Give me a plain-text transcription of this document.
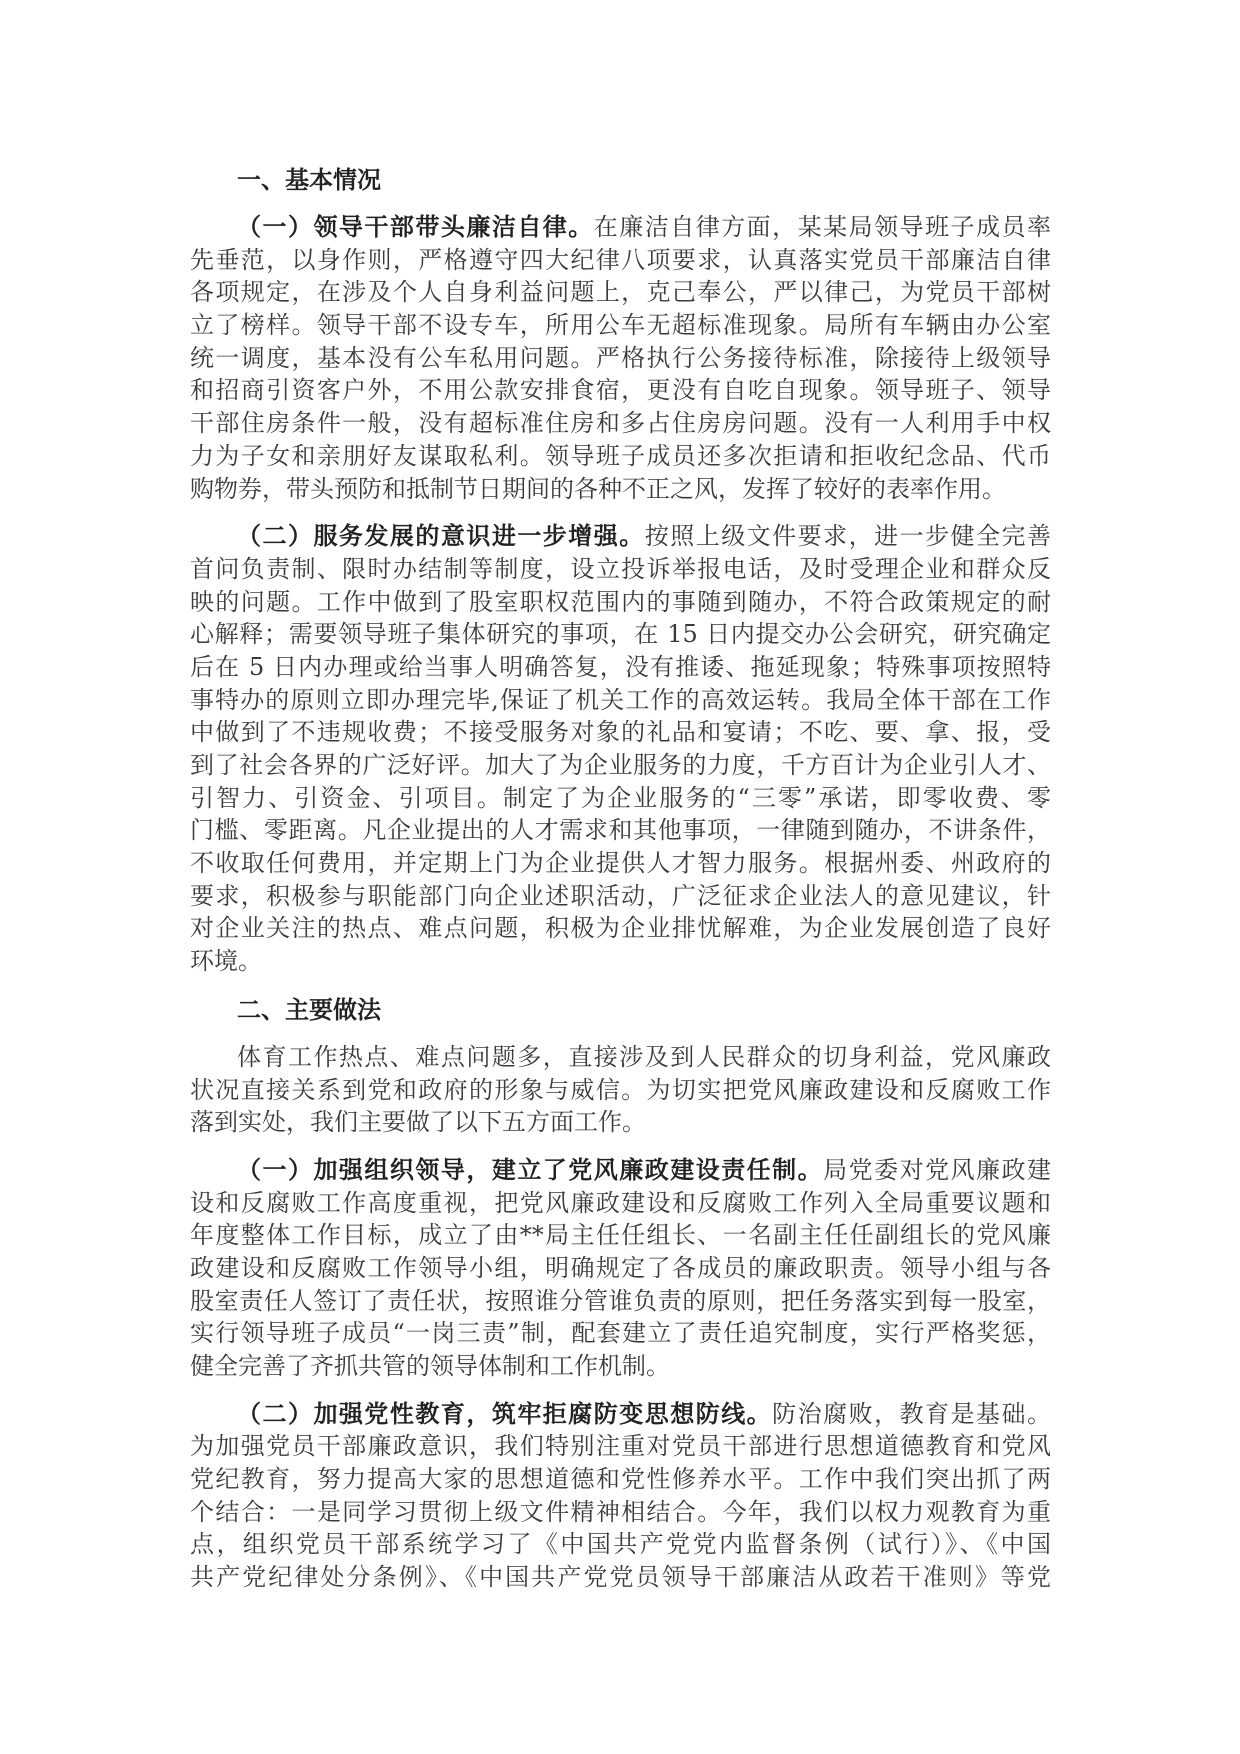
一、基本情况
（一）领导干部带头廉洁自律。在廉洁自律方面，某某局领导班子成员率
先垂范，以身作则，严格遵守四大纪律八项要求，认真落实党员干部廉洁自律
各项规定，在涉及个人自身利益问题上，克己奉公，严以律己，为党员干部树
立了榜样。领导干部不设专车，所用公车无超标准现象。局所有车辆由办公室
统一调度，基本没有公车私用问题。严格执行公务接待标准，除接待上级领导
和招商引资客户外，不用公款安排食宿，更没有自吃自现象。领导班子、领导
干部住房条件一般，没有超标准住房和多占住房房问题。没有一人利用手中权
力为子女和亲朋好友谋取私利。领导班子成员还多次拒请和拒收纪念品、代币
购物券，带头预防和抵制节日期间的各种不正之风，发挥了较好的表率作用。
（二）服务发展的意识进一步增强。按照上级文件要求，进一步健全完善
首问负责制、限时办结制等制度，设立投诉举报电话，及时受理企业和群众反
映的问题。工作中做到了股室职权范围内的事随到随办，不符合政策规定的耐
心解释；需要领导班子集体研究的事项，在 15 日内提交办公会研究，研究确定
后在 5 日内办理或给当事人明确答复，没有推诿、拖延现象；特殊事项按照特
事特办的原则立即办理完毕,保证了机关工作的高效运转。我局全体干部在工作
中做到了不违规收费；不接受服务对象的礼品和宴请；不吃、要、拿、报，受
到了社会各界的广泛好评。加大了为企业服务的力度，千方百计为企业引人才、
引智力、引资金、引项目。制定了为企业服务的“三零”承诺，即零收费、零
门槛、零距离。凡企业提出的人才需求和其他事项，一律随到随办，不讲条件，
不收取任何费用，并定期上门为企业提供人才智力服务。根据州委、州政府的
要求，积极参与职能部门向企业述职活动，广泛征求企业法人的意见建议，针
对企业关注的热点、难点问题，积极为企业排忧解难，为企业发展创造了良好
环境。
二、主要做法
体育工作热点、难点问题多，直接涉及到人民群众的切身利益，党风廉政
状况直接关系到党和政府的形象与威信。为切实把党风廉政建设和反腐败工作
落到实处，我们主要做了以下五方面工作。
（一）加强组织领导，建立了党风廉政建设责任制。局党委对党风廉政建
设和反腐败工作高度重视，把党风廉政建设和反腐败工作列入全局重要议题和
年度整体工作目标，成立了由**局主任任组长、一名副主任任副组长的党风廉
政建设和反腐败工作领导小组，明确规定了各成员的廉政职责。领导小组与各
股室责任人签订了责任状，按照谁分管谁负责的原则，把任务落实到每一股室，
实行领导班子成员“一岗三责”制，配套建立了责任追究制度，实行严格奖惩，
健全完善了齐抓共管的领导体制和工作机制。
（二）加强党性教育，筑牢拒腐防变思想防线。防治腐败，教育是基础。
为加强党员干部廉政意识，我们特别注重对党员干部进行思想道德教育和党风
党纪教育，努力提高大家的思想道德和党性修养水平。工作中我们突出抓了两
个结合：一是同学习贯彻上级文件精神相结合。今年，我们以权力观教育为重
点，组织党员干部系统学习了《中国共产党党内监督条例（试行）》、《中国
共产党纪律处分条例》、《中国共产党党员领导干部廉洁从政若干准则》等党
